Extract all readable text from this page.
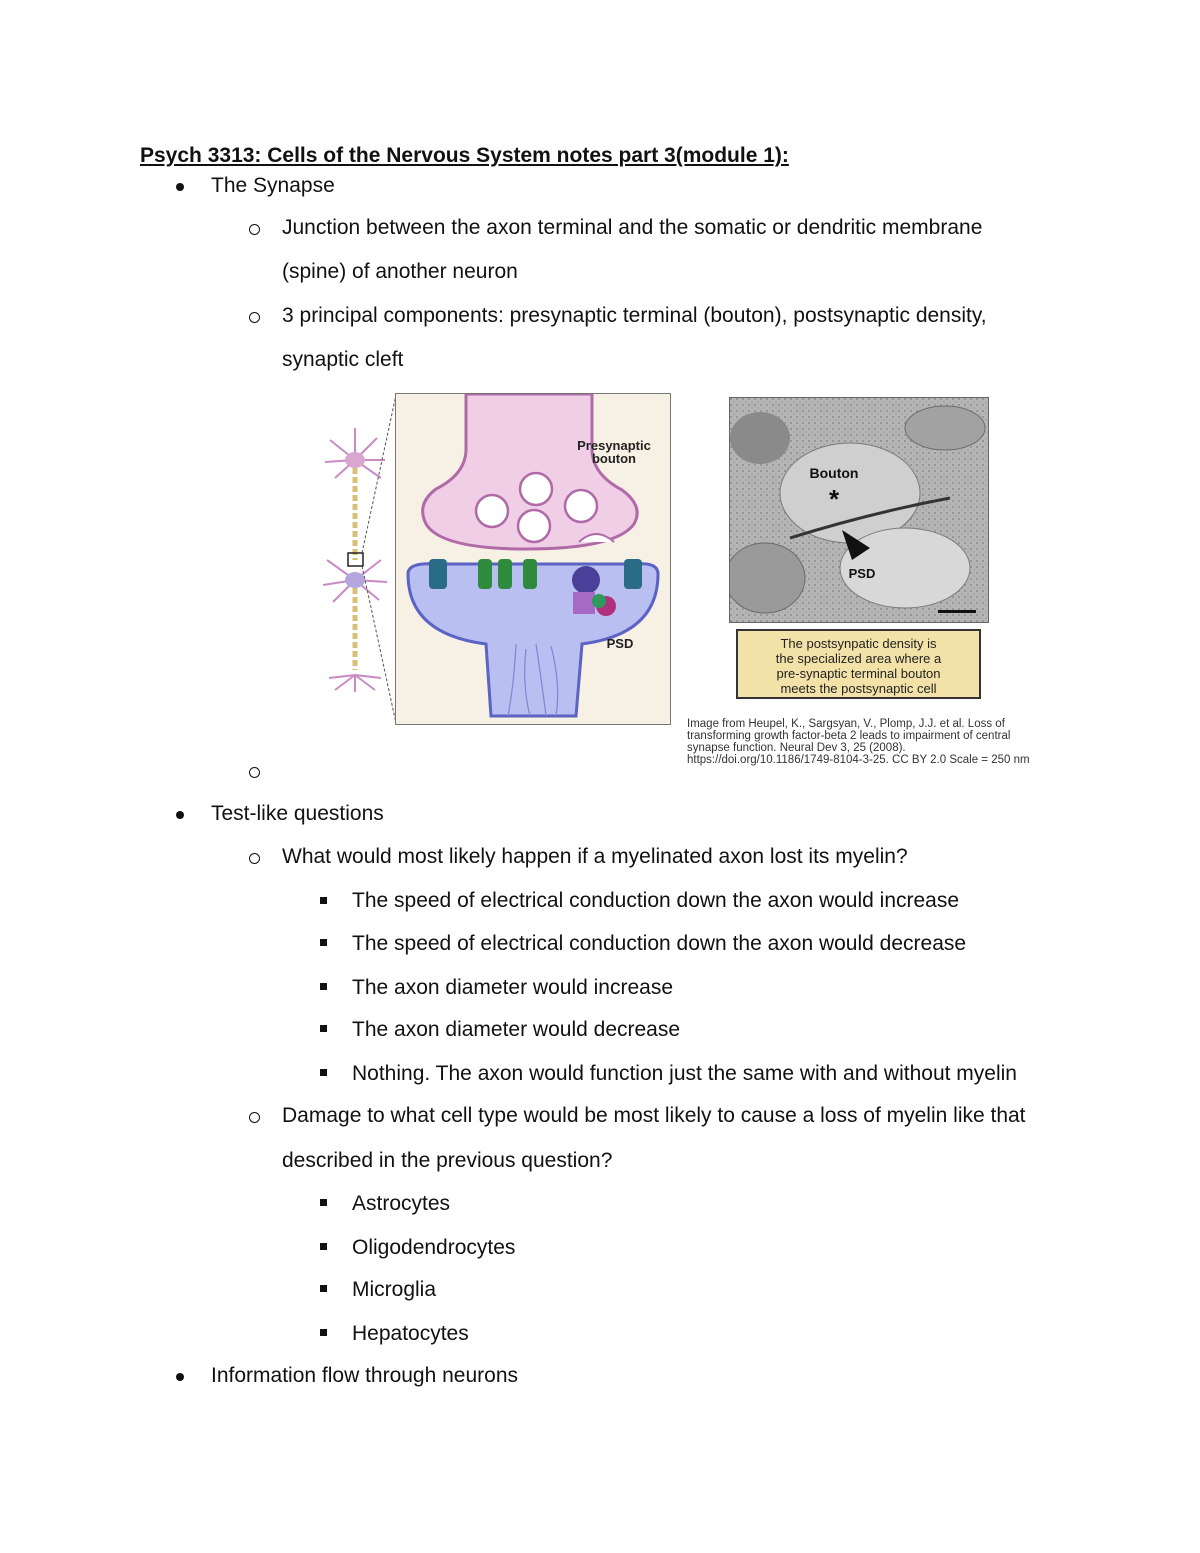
Psych 3313: Cells of the Nervous System notes part 3(module 1):
The Synapse
Junction between the axon terminal and the somatic or dendritic membrane
(spine) of another neuron
3 principal components: presynaptic terminal (bouton), postsynaptic density,
synaptic cleft
Presynaptic
bouton
PSD
Bouton
*
PSD
The postsynpatic density is
the specialized area where a
pre-synaptic terminal bouton
meets the postsynaptic cell
Image from Heupel, K., Sargsyan, V., Plomp, J.J. et al. Loss of transforming growth factor-beta 2 leads to impairment of central synapse function. Neural Dev 3, 25 (2008). https://doi.org/10.1186/1749-8104-3-25. CC BY 2.0 Scale = 250 nm
Test-like questions
What would most likely happen if a myelinated axon lost its myelin?
The speed of electrical conduction down the axon would increase
The speed of electrical conduction down the axon would decrease
The axon diameter would increase
The axon diameter would decrease
Nothing. The axon would function just the same with and without myelin
Damage to what cell type would be most likely to cause a loss of myelin like that
described in the previous question?
Astrocytes
Oligodendrocytes
Microglia
Hepatocytes
Information flow through neurons
